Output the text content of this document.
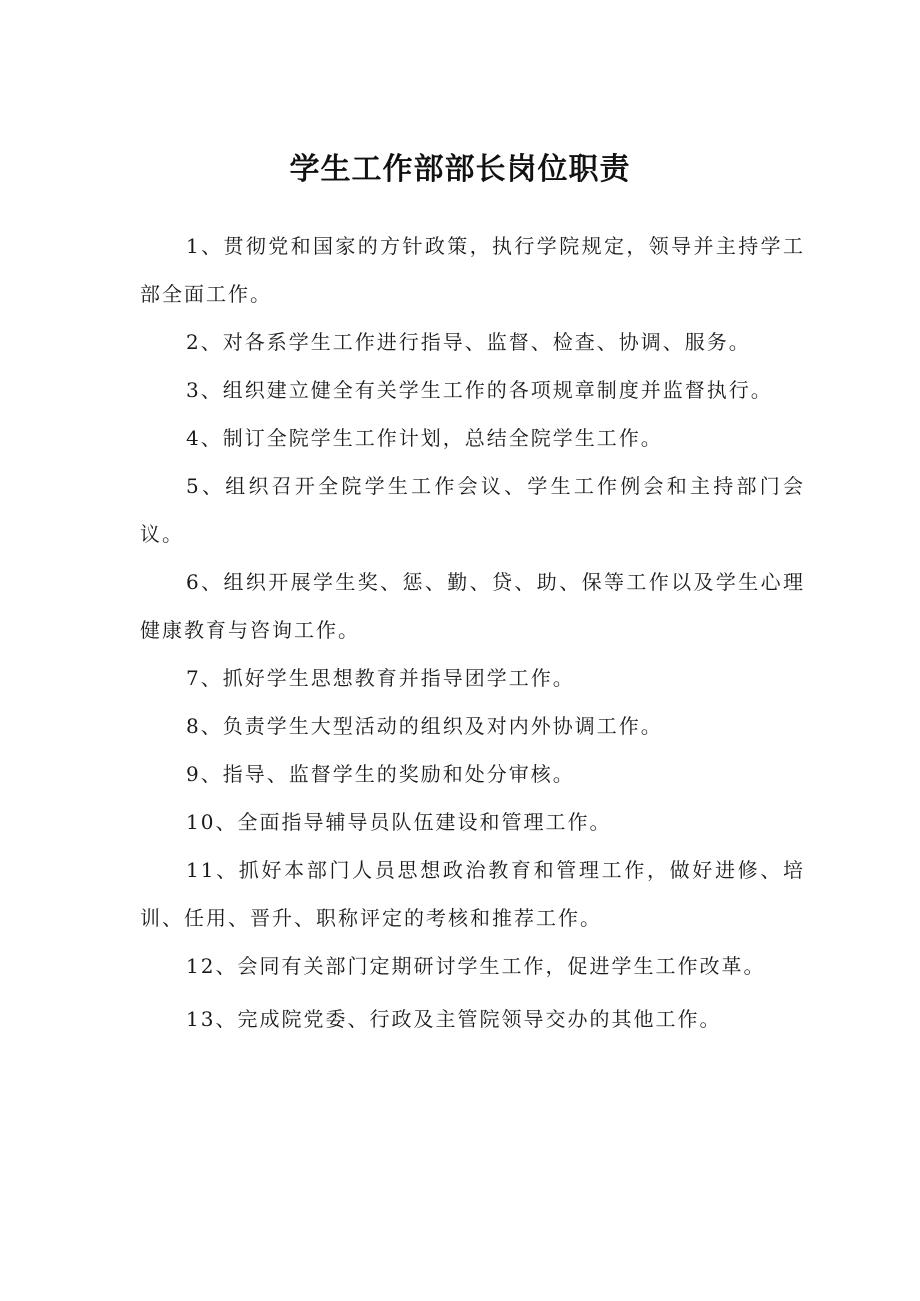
学生工作部部长岗位职责
1、贯彻党和国家的方针政策，执行学院规定，领导并主持学工部全面工作。
2、对各系学生工作进行指导、监督、检查、协调、服务。
3、组织建立健全有关学生工作的各项规章制度并监督执行。
4、制订全院学生工作计划，总结全院学生工作。
5、组织召开全院学生工作会议、学生工作例会和主持部门会议。
6、组织开展学生奖、惩、勤、贷、助、保等工作以及学生心理健康教育与咨询工作。
7、抓好学生思想教育并指导团学工作。
8、负责学生大型活动的组织及对内外协调工作。
9、指导、监督学生的奖励和处分审核。
10、全面指导辅导员队伍建设和管理工作。
11、抓好本部门人员思想政治教育和管理工作，做好进修、培训、任用、晋升、职称评定的考核和推荐工作。
12、会同有关部门定期研讨学生工作，促进学生工作改革。
13、完成院党委、行政及主管院领导交办的其他工作。
